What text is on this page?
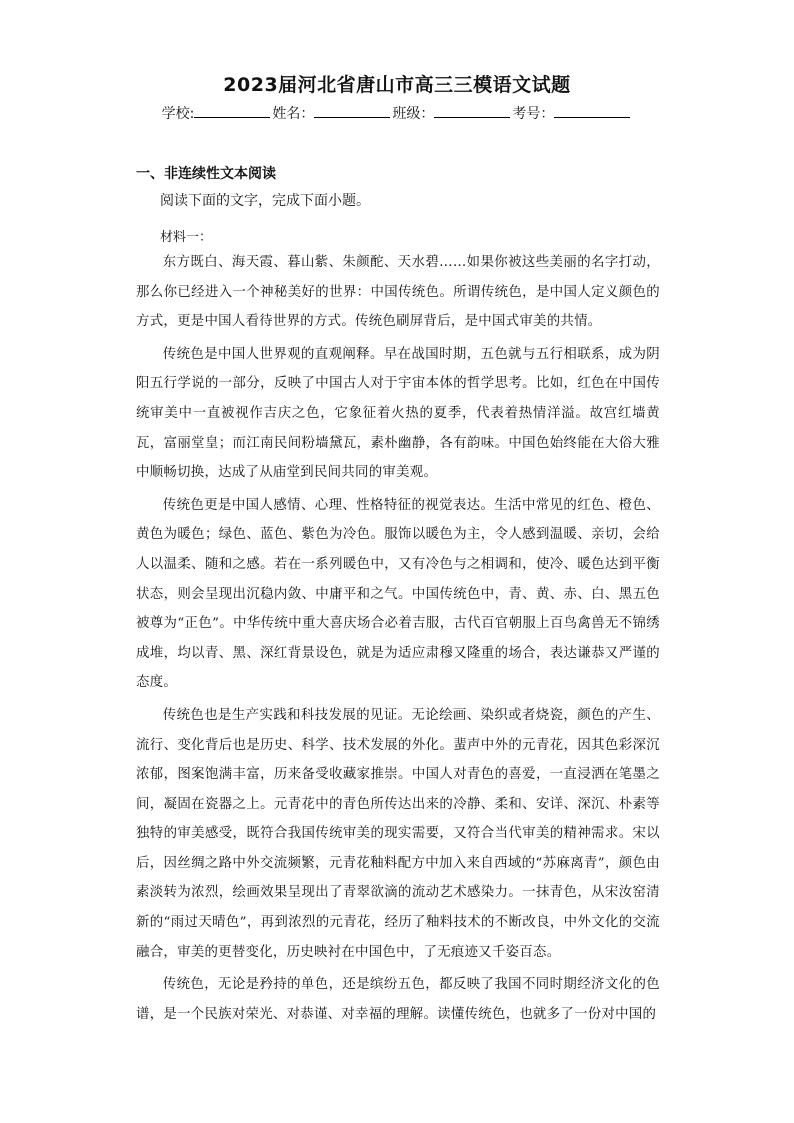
2023届河北省唐山市高三三模语文试题
学校:	姓名：	班级：	考号：
一、非连续性文本阅读
阅读下面的文字，完成下面小题。
材料一：

东方既白、海天霞、暮山紫、朱颜酡、天水碧……如果你被这些美丽的名字打动，那么你已经进入一个神秘美好的世界：中国传统色。所谓传统色，是中国人定义颜色的方式，更是中国人看待世界的方式。传统色刷屏背后，是中国式审美的共情。

传统色是中国人世界观的直观阐释。早在战国时期，五色就与五行相联系，成为阴阳五行学说的一部分，反映了中国古人对于宇宙本体的哲学思考。比如，红色在中国传统审美中一直被视作吉庆之色，它象征着火热的夏季，代表着热情洋溢。故宫红墙黄瓦，富丽堂皇；而江南民间粉墙黛瓦，素朴幽静，各有韵味。中国色始终能在大俗大雅中顺畅切换，达成了从庙堂到民间共同的审美观。

传统色更是中国人感情、心理、性格特征的视觉表达。生活中常见的红色、橙色、黄色为暖色；绿色、蓝色、紫色为冷色。服饰以暖色为主，令人感到温暖、亲切，会给人以温柔、随和之感。若在一系列暖色中，又有冷色与之相调和，使冷、暖色达到平衡状态，则会呈现出沉稳内敛、中庸平和之气。中国传统色中，青、黄、赤、白、黑五色被尊为“正色”。中华传统中重大喜庆场合必着吉服，古代百官朝服上百鸟禽兽无不锦绣成堆，均以青、黑、深红背景设色，就是为适应肃穆又隆重的场合，表达谦恭又严谨的态度。

传统色也是生产实践和科技发展的见证。无论绘画、染织或者烧瓷，颜色的产生、流行、变化背后也是历史、科学、技术发展的外化。蜚声中外的元青花，因其色彩深沉浓郁，图案饱满丰富，历来备受收藏家推崇。中国人对青色的喜爱，一直浸洒在笔墨之间，凝固在瓷器之上。元青花中的青色所传达出来的冷静、柔和、安详、深沉、朴素等独特的审美感受，既符合我国传统审美的现实需要，又符合当代审美的精神需求。宋以后，因丝绸之路中外交流频繁，元青花釉料配方中加入来自西域的“苏麻离青”，颜色由素淡转为浓烈，绘画效果呈现出了青翠欲滴的流动艺术感染力。一抹青色，从宋汝窑清新的“雨过天晴色”，再到浓烈的元青花，经历了釉料技术的不断改良，中外文化的交流融合，审美的更替变化，历史映衬在中国色中，了无痕迹又千姿百态。

传统色，无论是矜持的单色，还是缤纷五色，都反映了我国不同时期经济文化的色谱，是一个民族对荣光、对恭谨、对幸福的理解。读懂传统色，也就多了一份对中国的
